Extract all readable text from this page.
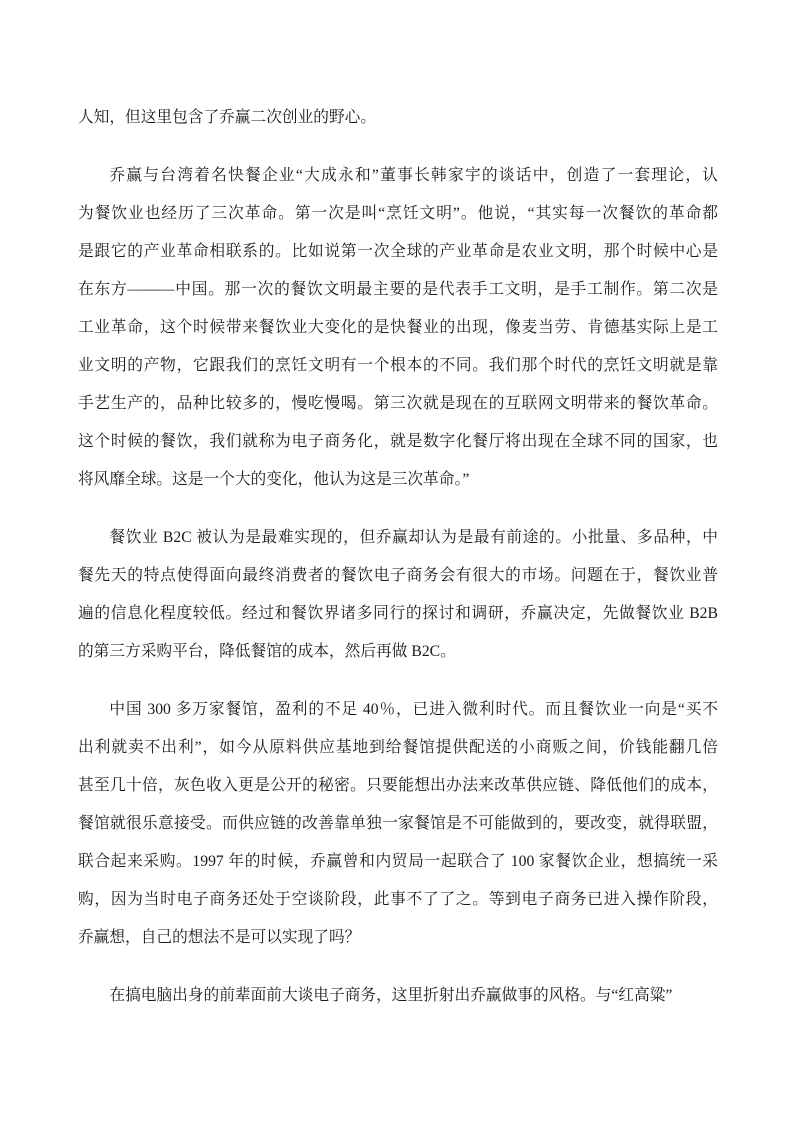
人知，但这里包含了乔赢二次创业的野心。
乔赢与台湾着名快餐企业“大成永和”董事长韩家宇的谈话中，创造了一套理论，认
为餐饮业也经历了三次革命。第一次是叫“烹饪文明”。他说，“其实每一次餐饮的革命都
是跟它的产业革命相联系的。比如说第一次全球的产业革命是农业文明，那个时候中心是
在东方———中国。那一次的餐饮文明最主要的是代表手工文明，是手工制作。第二次是
工业革命，这个时候带来餐饮业大变化的是快餐业的出现，像麦当劳、肯德基实际上是工
业文明的产物，它跟我们的烹饪文明有一个根本的不同。我们那个时代的烹饪文明就是靠
手艺生产的，品种比较多的，慢吃慢喝。第三次就是现在的互联网文明带来的餐饮革命。
这个时候的餐饮，我们就称为电子商务化，就是数字化餐厅将出现在全球不同的国家，也
将风靡全球。这是一个大的变化，他认为这是三次革命。”
餐饮业 B2C 被认为是最难实现的，但乔赢却认为是最有前途的。小批量、多品种，中
餐先天的特点使得面向最终消费者的餐饮电子商务会有很大的市场。问题在于，餐饮业普
遍的信息化程度较低。经过和餐饮界诸多同行的探讨和调研，乔赢决定，先做餐饮业 B2B
的第三方采购平台，降低餐馆的成本，然后再做 B2C。
中国 300 多万家餐馆，盈利的不足 40％，已进入微利时代。而且餐饮业一向是“买不
出利就卖不出利”，如今从原料供应基地到给餐馆提供配送的小商贩之间，价钱能翻几倍
甚至几十倍，灰色收入更是公开的秘密。只要能想出办法来改革供应链、降低他们的成本，
餐馆就很乐意接受。而供应链的改善靠单独一家餐馆是不可能做到的，要改变，就得联盟，
联合起来采购。1997 年的时候，乔赢曾和内贸局一起联合了 100 家餐饮企业，想搞统一采
购，因为当时电子商务还处于空谈阶段，此事不了了之。等到电子商务已进入操作阶段，
乔赢想，自己的想法不是可以实现了吗？
在搞电脑出身的前辈面前大谈电子商务，这里折射出乔赢做事的风格。与“红高粱”
